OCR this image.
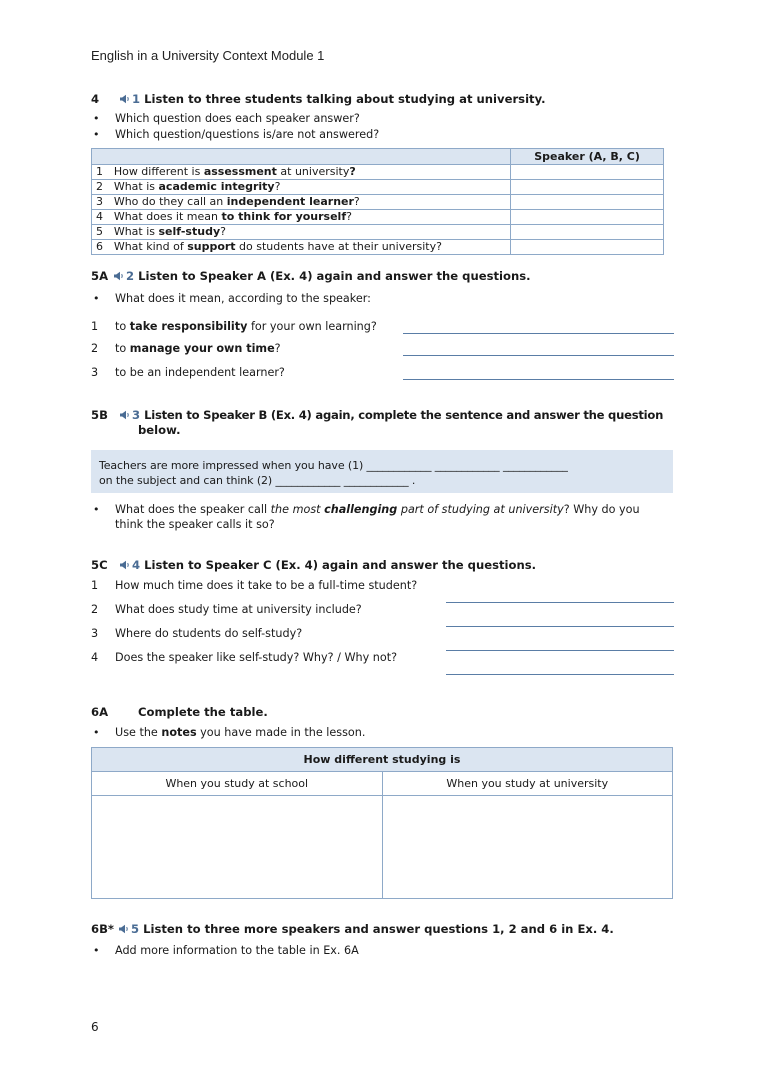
English in a University Context Module 1
4	1 Listen to three students talking about studying at university.
• Which question does each speaker answer?
• Which question/questions is/are not answered?
		Speaker (A, B, C)
1	How different is assessment at university?	
2	What is academic integrity?	
3	Who do they call an independent learner?	
4	What does it mean to think for yourself?	
5	What is self-study?	
6	What kind of support do students have at their university?	
5A 2 Listen to Speaker A (Ex. 4) again and answer the questions.
• What does it mean, according to the speaker:
1 to take responsibility for your own learning?
2 to manage your own time?
3 to be an independent learner?
5B 3 Listen to Speaker B (Ex. 4) again, complete the sentence and answer the question
below.
Teachers are more impressed when you have (1) ____________ ____________ ____________
on the subject and can think (2) ____________ ____________ .
• What does the speaker call the most challenging part of studying at university? Why do you
think the speaker calls it so?
5C 4 Listen to Speaker C (Ex. 4) again and answer the questions.
1 How much time does it take to be a full-time student?
2 What does study time at university include?
3 Where do students do self-study?
4 Does the speaker like self-study? Why? / Why not?
6A	Complete the table.
• Use the notes you have made in the lesson.
How different studying is	
When you study at school	When you study at university

6B* 5 Listen to three more speakers and answer questions 1, 2 and 6 in Ex. 4.
• Add more information to the table in Ex. 6A
6
